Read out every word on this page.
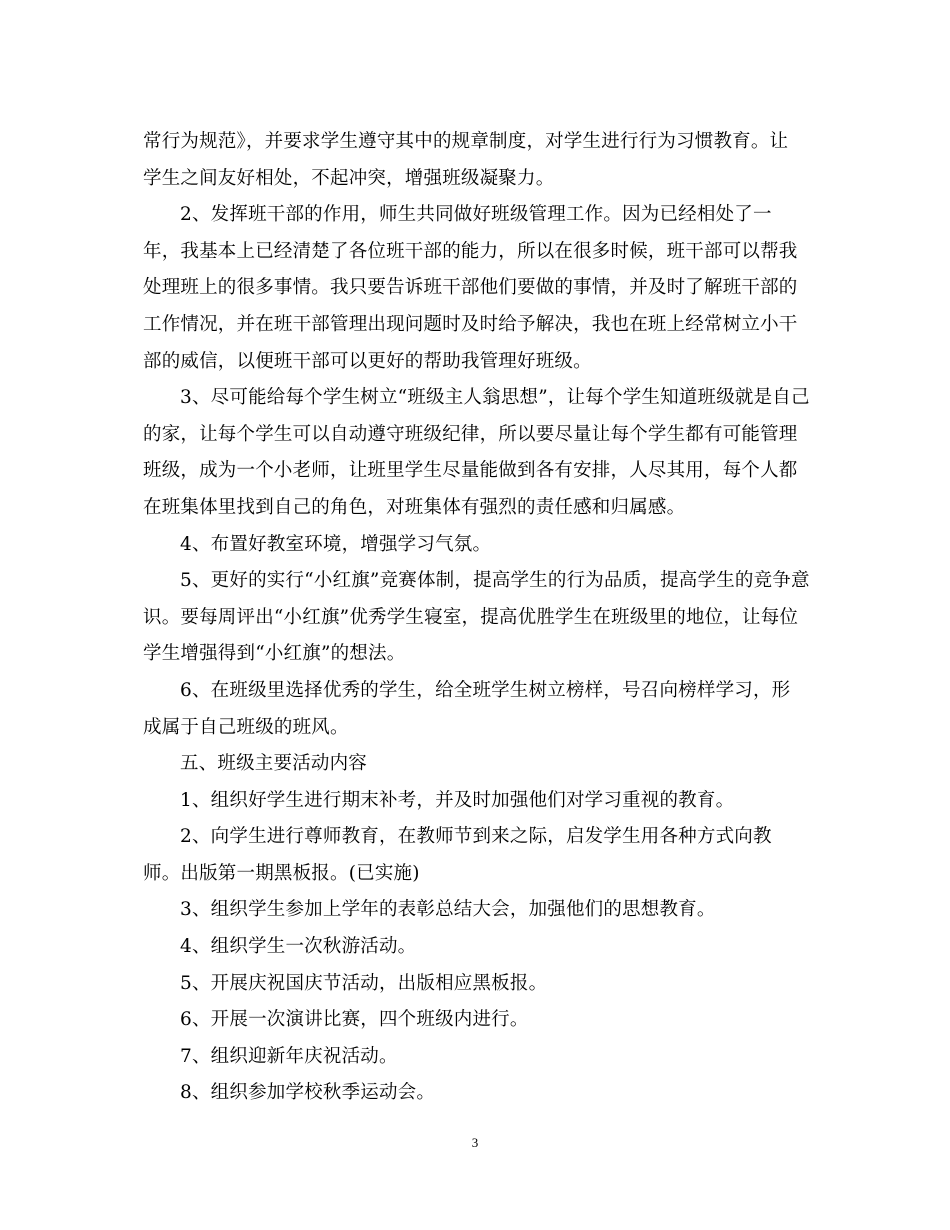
常行为规范》，并要求学生遵守其中的规章制度，对学生进行行为习惯教育。让
学生之间友好相处，不起冲突，增强班级凝聚力。

2、发挥班干部的作用，师生共同做好班级管理工作。因为已经相处了一
年，我基本上已经清楚了各位班干部的能力，所以在很多时候，班干部可以帮我
处理班上的很多事情。我只要告诉班干部他们要做的事情，并及时了解班干部的
工作情况，并在班干部管理出现问题时及时给予解决，我也在班上经常树立小干
部的威信，以便班干部可以更好的帮助我管理好班级。

3、尽可能给每个学生树立“班级主人翁思想”，让每个学生知道班级就是自己
的家，让每个学生可以自动遵守班级纪律，所以要尽量让每个学生都有可能管理
班级，成为一个小老师，让班里学生尽量能做到各有安排，人尽其用，每个人都
在班集体里找到自己的角色，对班集体有强烈的责任感和归属感。

4、布置好教室环境，增强学习气氛。

5、更好的实行“小红旗”竞赛体制，提高学生的行为品质，提高学生的竞争意
识。要每周评出“小红旗”优秀学生寝室，提高优胜学生在班级里的地位，让每位
学生增强得到“小红旗”的想法。

6、在班级里选择优秀的学生，给全班学生树立榜样，号召向榜样学习，形
成属于自己班级的班风。

五、班级主要活动内容

1、组织好学生进行期末补考，并及时加强他们对学习重视的教育。

2、向学生进行尊师教育，在教师节到来之际，启发学生用各种方式向教
师。出版第一期黑板报。(已实施)

3、组织学生参加上学年的表彰总结大会，加强他们的思想教育。

4、组织学生一次秋游活动。

5、开展庆祝国庆节活动，出版相应黑板报。

6、开展一次演讲比赛，四个班级内进行。

7、组织迎新年庆祝活动。

8、组织参加学校秋季运动会。

3
